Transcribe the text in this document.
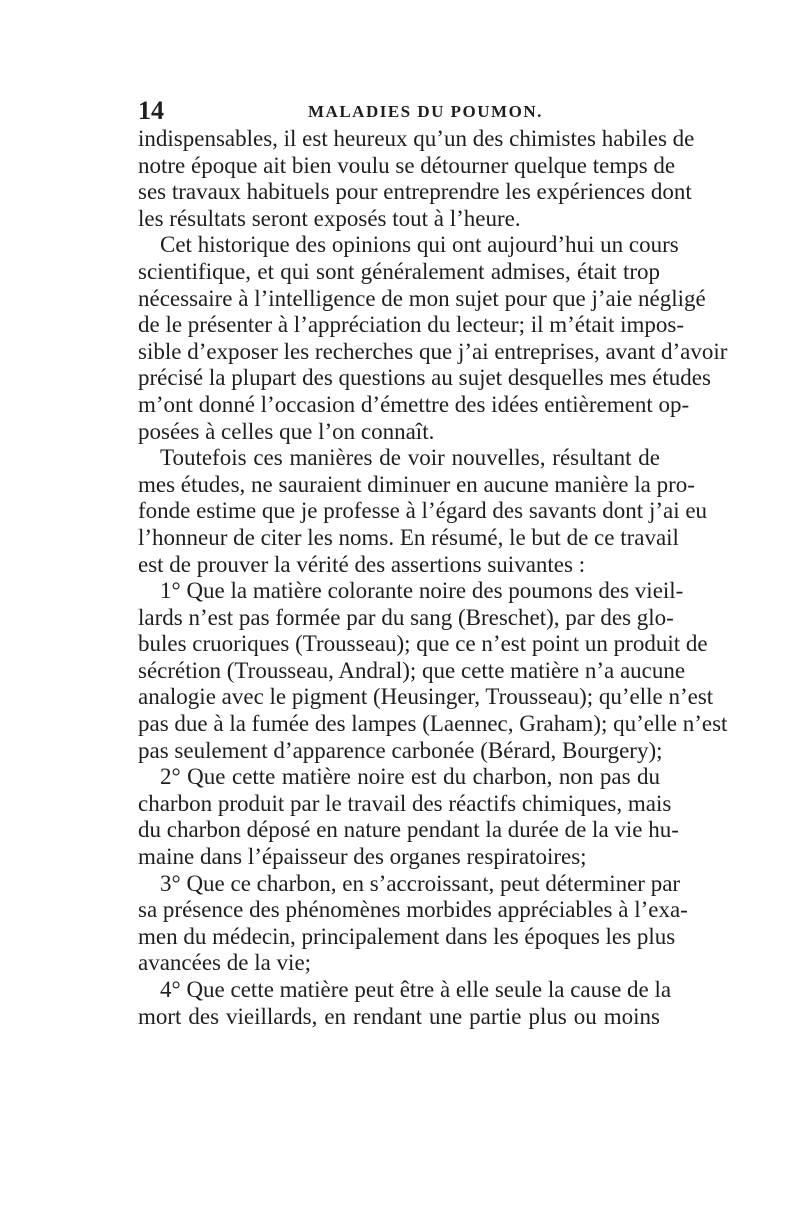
14	MALADIES DU POUMON.
indispensables, il est heureux qu’un des chimistes habiles de
notre époque ait bien voulu se détourner quelque temps de
ses travaux habituels pour entreprendre les expériences dont
les résultats seront exposés tout à l’heure.
Cet historique des opinions qui ont aujourd’hui un cours
scientifique, et qui sont généralement admises, était trop
nécessaire à l’intelligence de mon sujet pour que j’aie négligé
de le présenter à l’appréciation du lecteur; il m’était impos-
sible d’exposer les recherches que j’ai entreprises, avant d’avoir
précisé la plupart des questions au sujet desquelles mes études
m’ont donné l’occasion d’émettre des idées entièrement op-
posées à celles que l’on connaît.
Toutefois ces manières de voir nouvelles, résultant de
mes études, ne sauraient diminuer en aucune manière la pro-
fonde estime que je professe à l’égard des savants dont j’ai eu
l’honneur de citer les noms. En résumé, le but de ce travail
est de prouver la vérité des assertions suivantes :
1° Que la matière colorante noire des poumons des vieil-
lards n’est pas formée par du sang (Breschet), par des glo-
bules cruoriques (Trousseau); que ce n’est point un produit de
sécrétion (Trousseau, Andral); que cette matière n’a aucune
analogie avec le pigment (Heusinger, Trousseau); qu’elle n’est
pas due à la fumée des lampes (Laennec, Graham); qu’elle n’est
pas seulement d’apparence carbonée (Bérard, Bourgery);
2° Que cette matière noire est du charbon, non pas du
charbon produit par le travail des réactifs chimiques, mais
du charbon déposé en nature pendant la durée de la vie hu-
maine dans l’épaisseur des organes respiratoires;
3° Que ce charbon, en s’accroissant, peut déterminer par
sa présence des phénomènes morbides appréciables à l’exa-
men du médecin, principalement dans les époques les plus
avancées de la vie;
4° Que cette matière peut être à elle seule la cause de la
mort des vieillards, en rendant une partie plus ou moins
